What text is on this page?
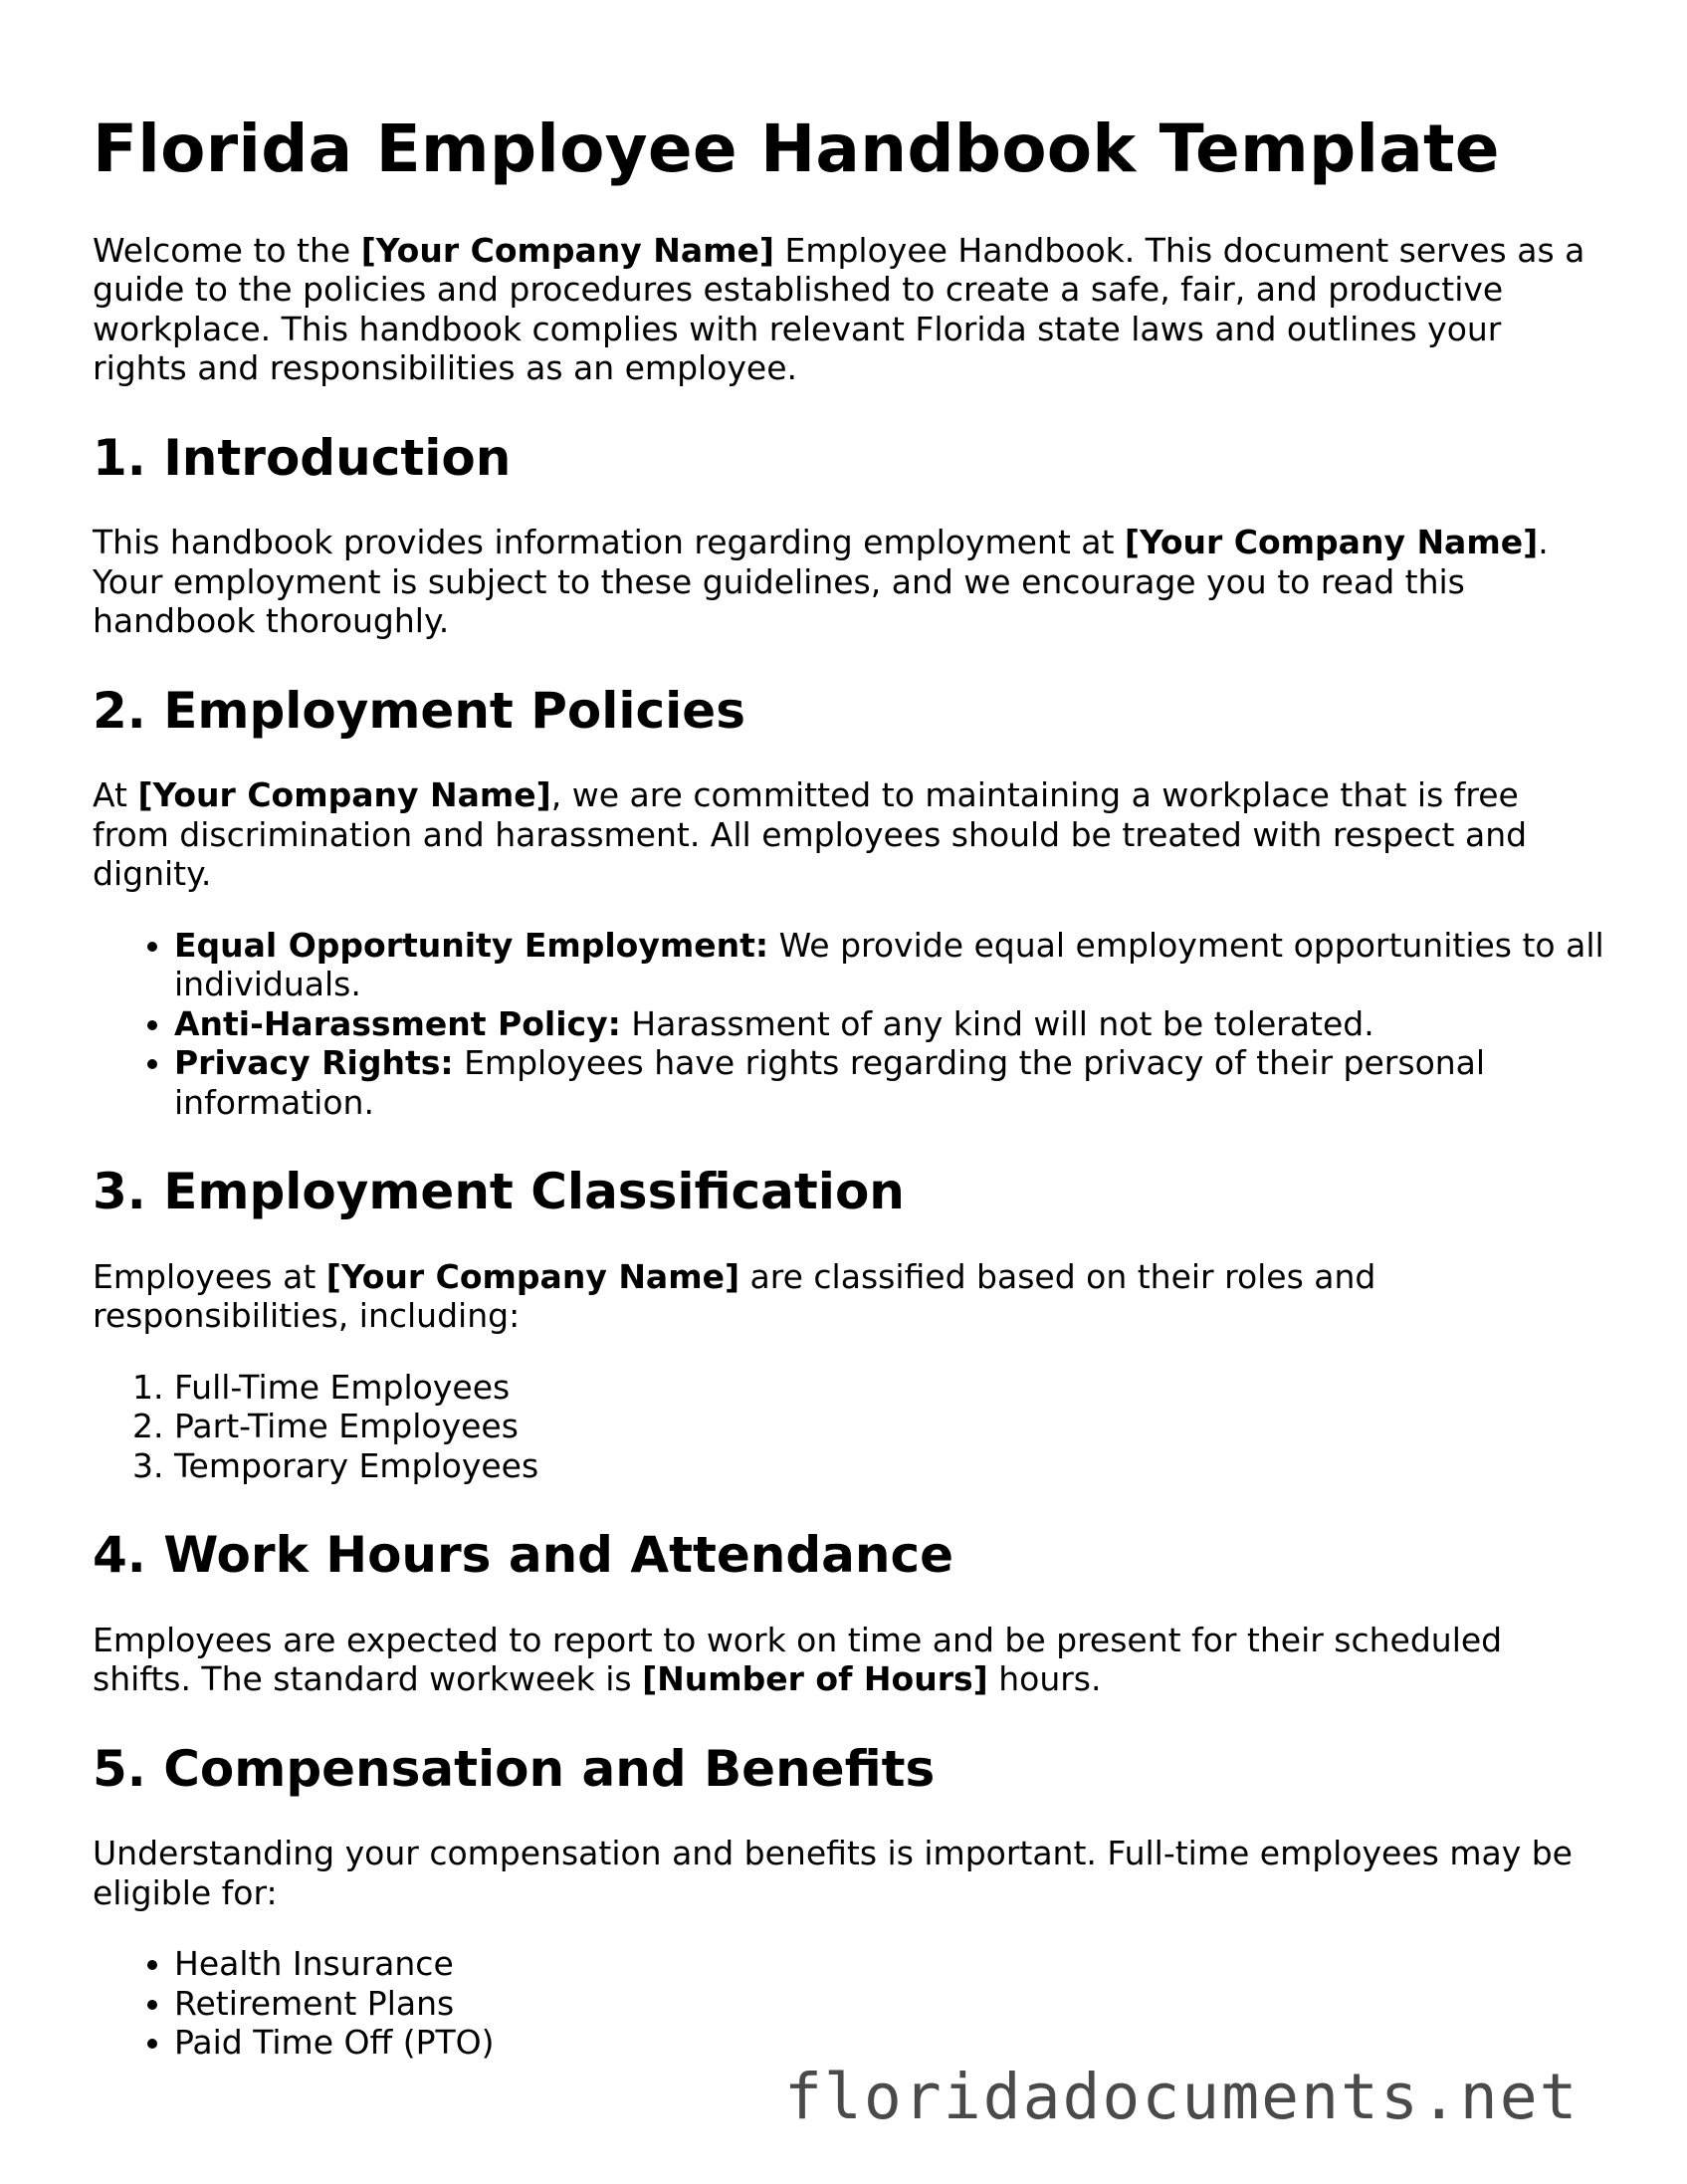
Florida Employee Handbook Template

Welcome to the [Your Company Name] Employee Handbook. This document serves as a guide to the policies and procedures established to create a safe, fair, and productive workplace. This handbook complies with relevant Florida state laws and outlines your rights and responsibilities as an employee.

1. Introduction

This handbook provides information regarding employment at [Your Company Name]. Your employment is subject to these guidelines, and we encourage you to read this handbook thoroughly.

2. Employment Policies

At [Your Company Name], we are committed to maintaining a workplace that is free from discrimination and harassment. All employees should be treated with respect and dignity.

• Equal Opportunity Employment: We provide equal employment opportunities to all individuals.
• Anti-Harassment Policy: Harassment of any kind will not be tolerated.
• Privacy Rights: Employees have rights regarding the privacy of their personal information.
3. Employment Classification

Employees at [Your Company Name] are classified based on their roles and responsibilities, including:

1. Full-Time Employees
2. Part-Time Employees
3. Temporary Employees
4. Work Hours and Attendance

Employees are expected to report to work on time and be present for their scheduled shifts. The standard workweek is [Number of Hours] hours.

5. Compensation and Benefits

Understanding your compensation and benefits is important. Full-time employees may be eligible for:

• Health Insurance
• Retirement Plans
• Paid Time Off (PTO)
floridadocuments.net
